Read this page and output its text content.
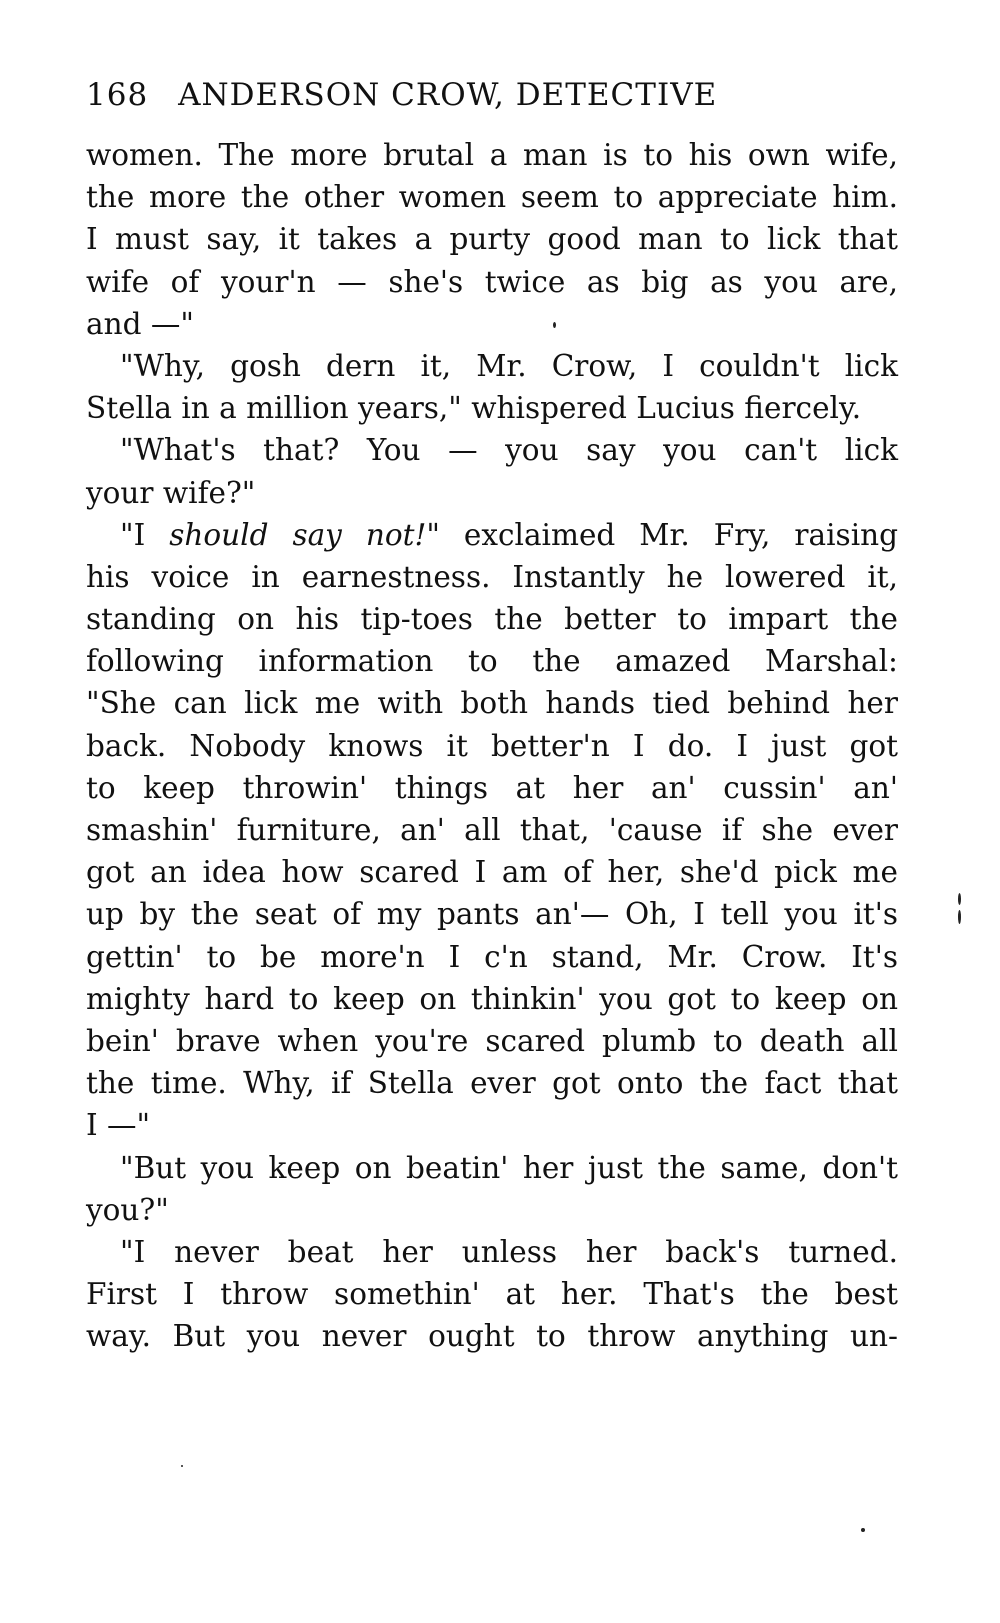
168 ANDERSON CROW, DETECTIVE
women. The more brutal a man is to his own wife,
the more the other women seem to appreciate him.
I must say, it takes a purty good man to lick that
wife of your'n — she's twice as big as you are,
and —"
"Why, gosh dern it, Mr. Crow, I couldn't lick
Stella in a million years," whispered Lucius fiercely.
"What's that? You — you say you can't lick
your wife?"
"I should say not!" exclaimed Mr. Fry, raising
his voice in earnestness. Instantly he lowered it,
standing on his tip-toes the better to impart the
following information to the amazed Marshal:
"She can lick me with both hands tied behind her
back. Nobody knows it better'n I do. I just got
to keep throwin' things at her an' cussin' an'
smashin' furniture, an' all that, 'cause if she ever
got an idea how scared I am of her, she'd pick me
up by the seat of my pants an'— Oh, I tell you it's
gettin' to be more'n I c'n stand, Mr. Crow. It's
mighty hard to keep on thinkin' you got to keep on
bein' brave when you're scared plumb to death all
the time. Why, if Stella ever got onto the fact that
I —"
"But you keep on beatin' her just the same, don't
you?"
"I never beat her unless her back's turned.
First I throw somethin' at her. That's the best
way. But you never ought to throw anything un-
